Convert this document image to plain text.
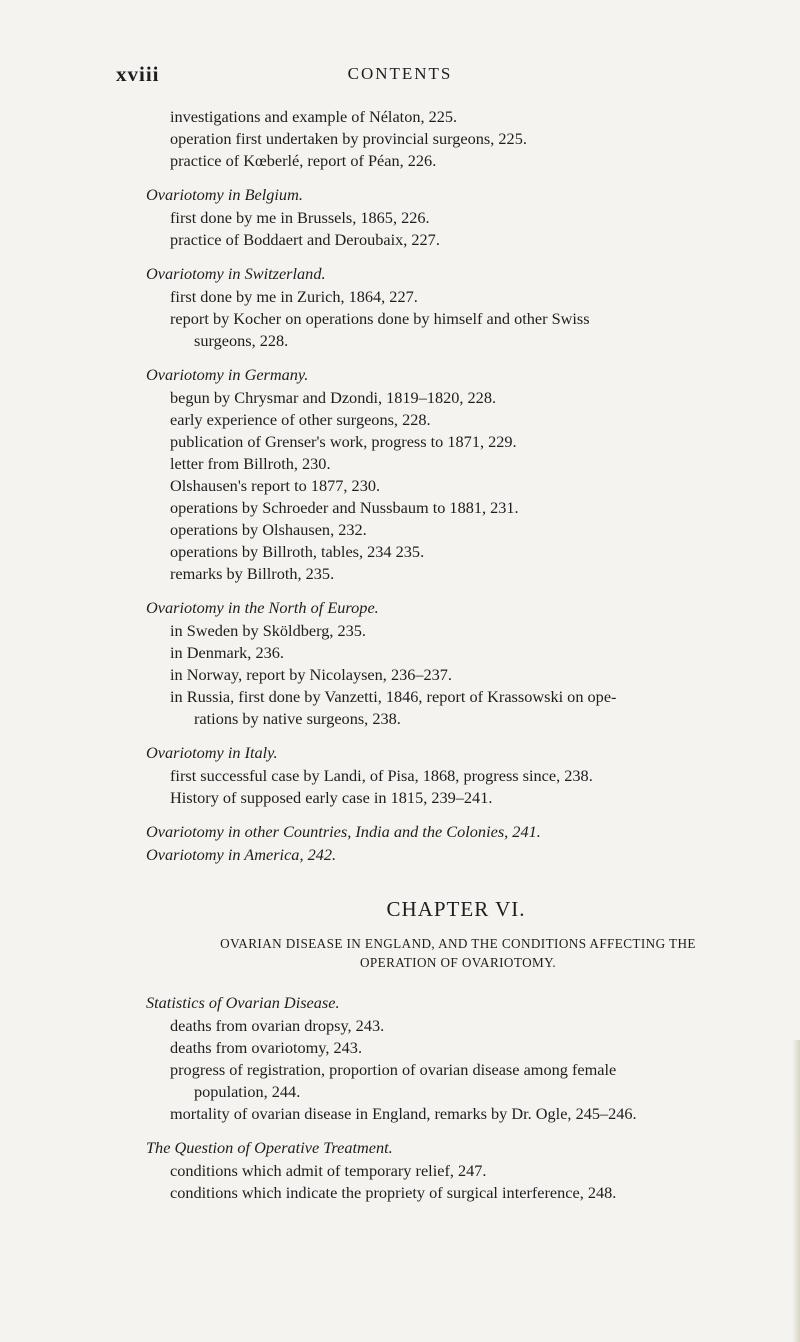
xviii	CONTENTS
investigations and example of Nélaton, 225.
operation first undertaken by provincial surgeons, 225.
practice of Kœberlé, report of Péan, 226.
Ovariotomy in Belgium.
first done by me in Brussels, 1865, 226.
practice of Boddaert and Deroubaix, 227.
Ovariotomy in Switzerland.
first done by me in Zurich, 1864, 227.
report by Kocher on operations done by himself and other Swiss
surgeons, 228.
Ovariotomy in Germany.
begun by Chrysmar and Dzondi, 1819–1820, 228.
early experience of other surgeons, 228.
publication of Grenser's work, progress to 1871, 229.
letter from Billroth, 230.
Olshausen's report to 1877, 230.
operations by Schroeder and Nussbaum to 1881, 231.
operations by Olshausen, 232.
operations by Billroth, tables, 234 235.
remarks by Billroth, 235.
Ovariotomy in the North of Europe.
in Sweden by Sköldberg, 235.
in Denmark, 236.
in Norway, report by Nicolaysen, 236–237.
in Russia, first done by Vanzetti, 1846, report of Krassowski on ope-
rations by native surgeons, 238.
Ovariotomy in Italy.
first successful case by Landi, of Pisa, 1868, progress since, 238.
History of supposed early case in 1815, 239–241.
Ovariotomy in other Countries, India and the Colonies, 241.
Ovariotomy in America, 242.
CHAPTER VI.
OVARIAN DISEASE IN ENGLAND, AND THE CONDITIONS AFFECTING THE
OPERATION OF OVARIOTOMY.
Statistics of Ovarian Disease.
deaths from ovarian dropsy, 243.
deaths from ovariotomy, 243.
progress of registration, proportion of ovarian disease among female
population, 244.
mortality of ovarian disease in England, remarks by Dr. Ogle, 245–246.
The Question of Operative Treatment.
conditions which admit of temporary relief, 247.
conditions which indicate the propriety of surgical interference, 248.
